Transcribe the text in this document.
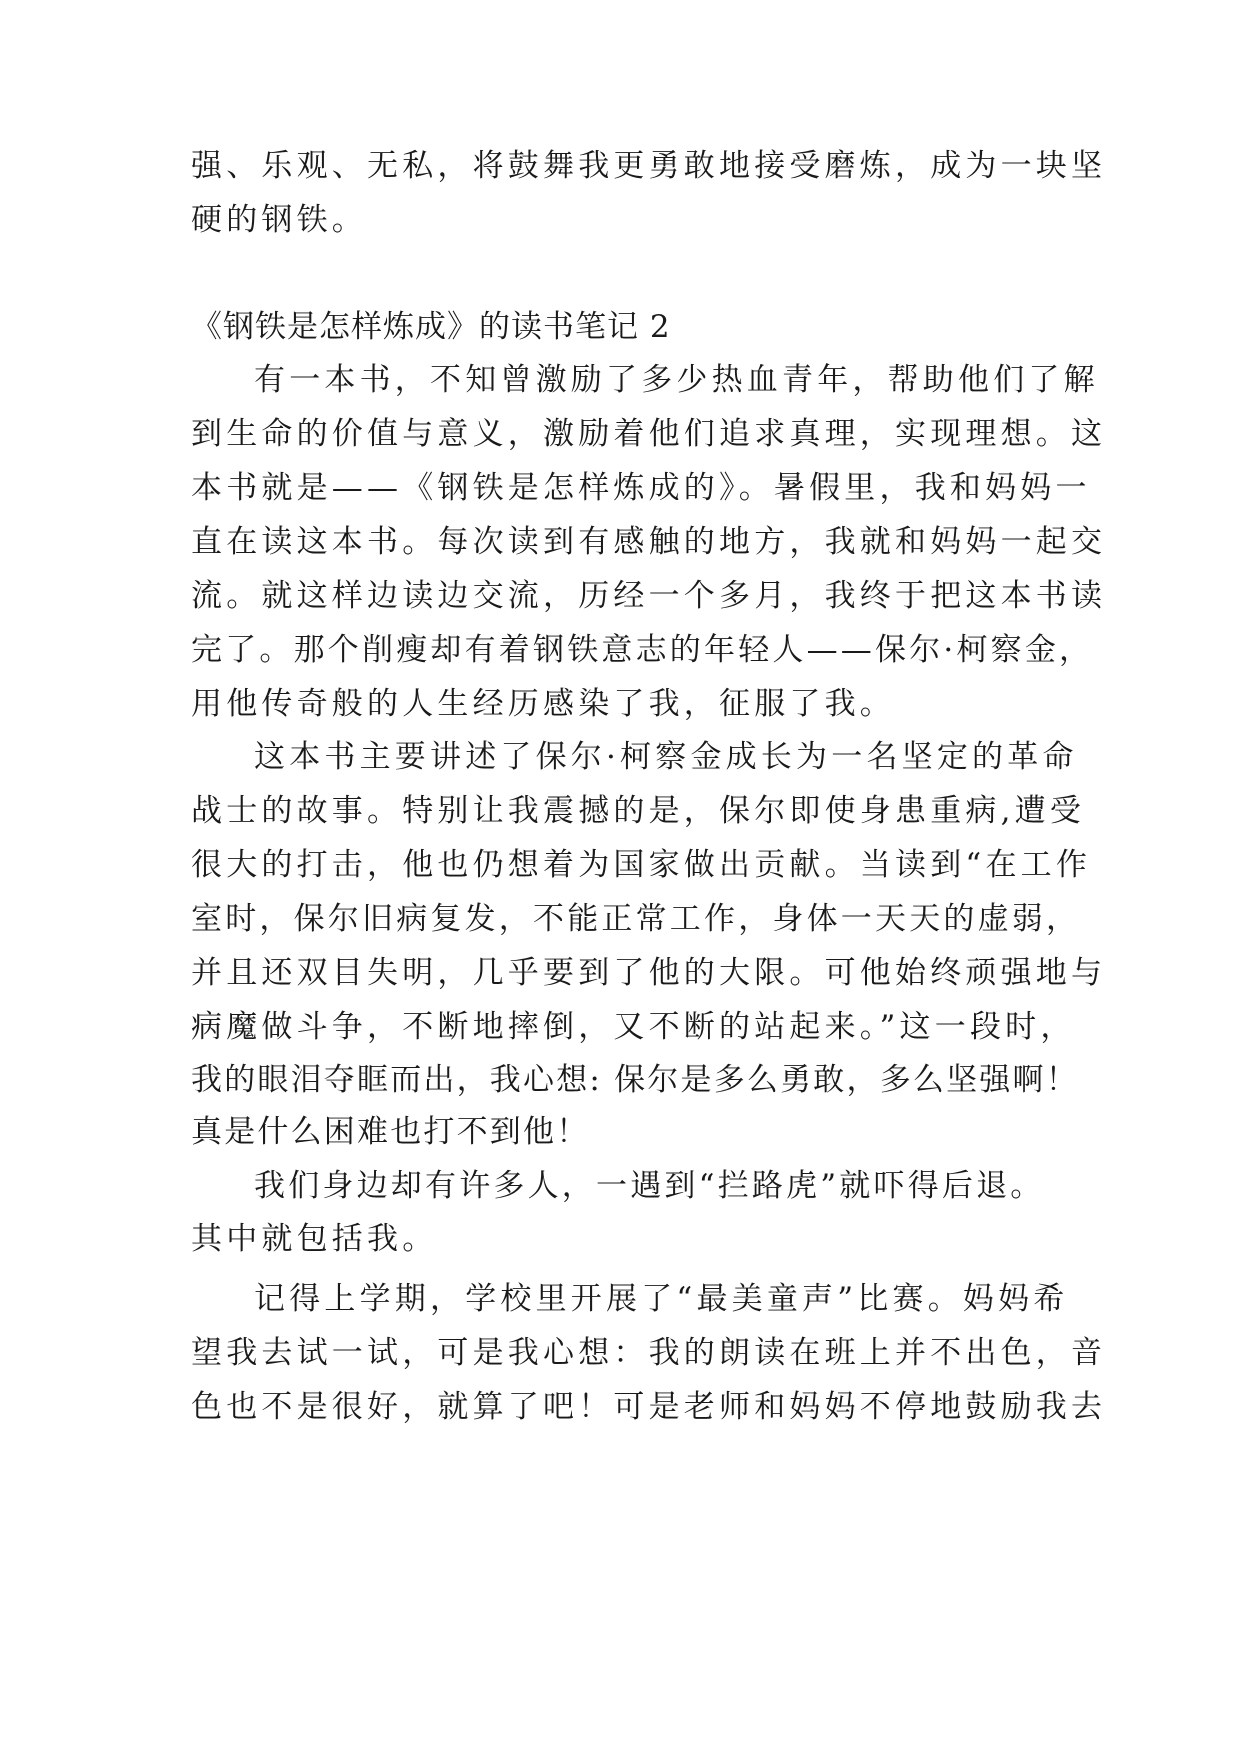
强、乐观、无私，将鼓舞我更勇敢地接受磨炼，成为一块坚
硬的钢铁。
《钢铁是怎样炼成》的读书笔记 2
有一本书，不知曾激励了多少热血青年，帮助他们了解
到生命的价值与意义，激励着他们追求真理，实现理想。这
本书就是——《钢铁是怎样炼成的》。暑假里，我和妈妈一
直在读这本书。每次读到有感触的地方，我就和妈妈一起交
流。就这样边读边交流，历经一个多月，我终于把这本书读
完了。那个削瘦却有着钢铁意志的年轻人——保尔·柯察金，
用他传奇般的人生经历感染了我，征服了我。
这本书主要讲述了保尔·柯察金成长为一名坚定的革命
战士的故事。特别让我震撼的是，保尔即使身患重病,遭受
很大的打击，他也仍想着为国家做出贡献。当读到“在工作
室时，保尔旧病复发，不能正常工作，身体一天天的虚弱，
并且还双目失明，几乎要到了他的大限。可他始终顽强地与
病魔做斗争，不断地摔倒，又不断的站起来。”这一段时，
我的眼泪夺眶而出，我心想: 保尔是多么勇敢，多么坚强啊！
真是什么困难也打不到他！
我们身边却有许多人，一遇到“拦路虎”就吓得后退。
其中就包括我。
记得上学期，学校里开展了“最美童声”比赛。妈妈希
望我去试一试，可是我心想：我的朗读在班上并不出色，音
色也不是很好，就算了吧！可是老师和妈妈不停地鼓励我去
